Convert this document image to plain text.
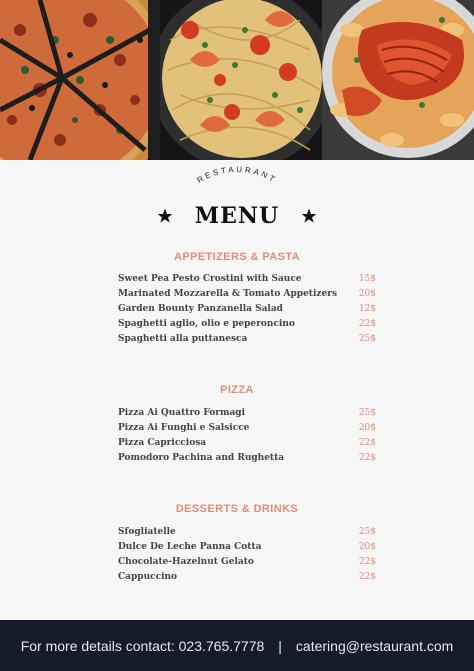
RESTAURANT
MENU
APPETIZERS & PASTA
Sweet Pea Pesto Crostini with Sauce	15$
Marinated Mozzarella & Tomato Appetizers 20$
Garden Bounty Panzanella Salad	12$
Spaghetti aglio, olio e peperoncino	22$
Spaghetti alla puttanesca	25$
PIZZA
Pizza Ai Quattro Formagi	25$
Pizza Ai Funghi e Salsicce	20$
Pizza Capricciosa	22$
Pomodoro Pachina and Rughetta	22$
DESSERTS & DRINKS
Sfogliatelle	25$
Dulce De Leche Panna Cotta	20$
Chocolate-Hazelnut Gelato	22$
Cappuccino	22$
For more details contact: 023.765.7778 | catering@restaurant.com
